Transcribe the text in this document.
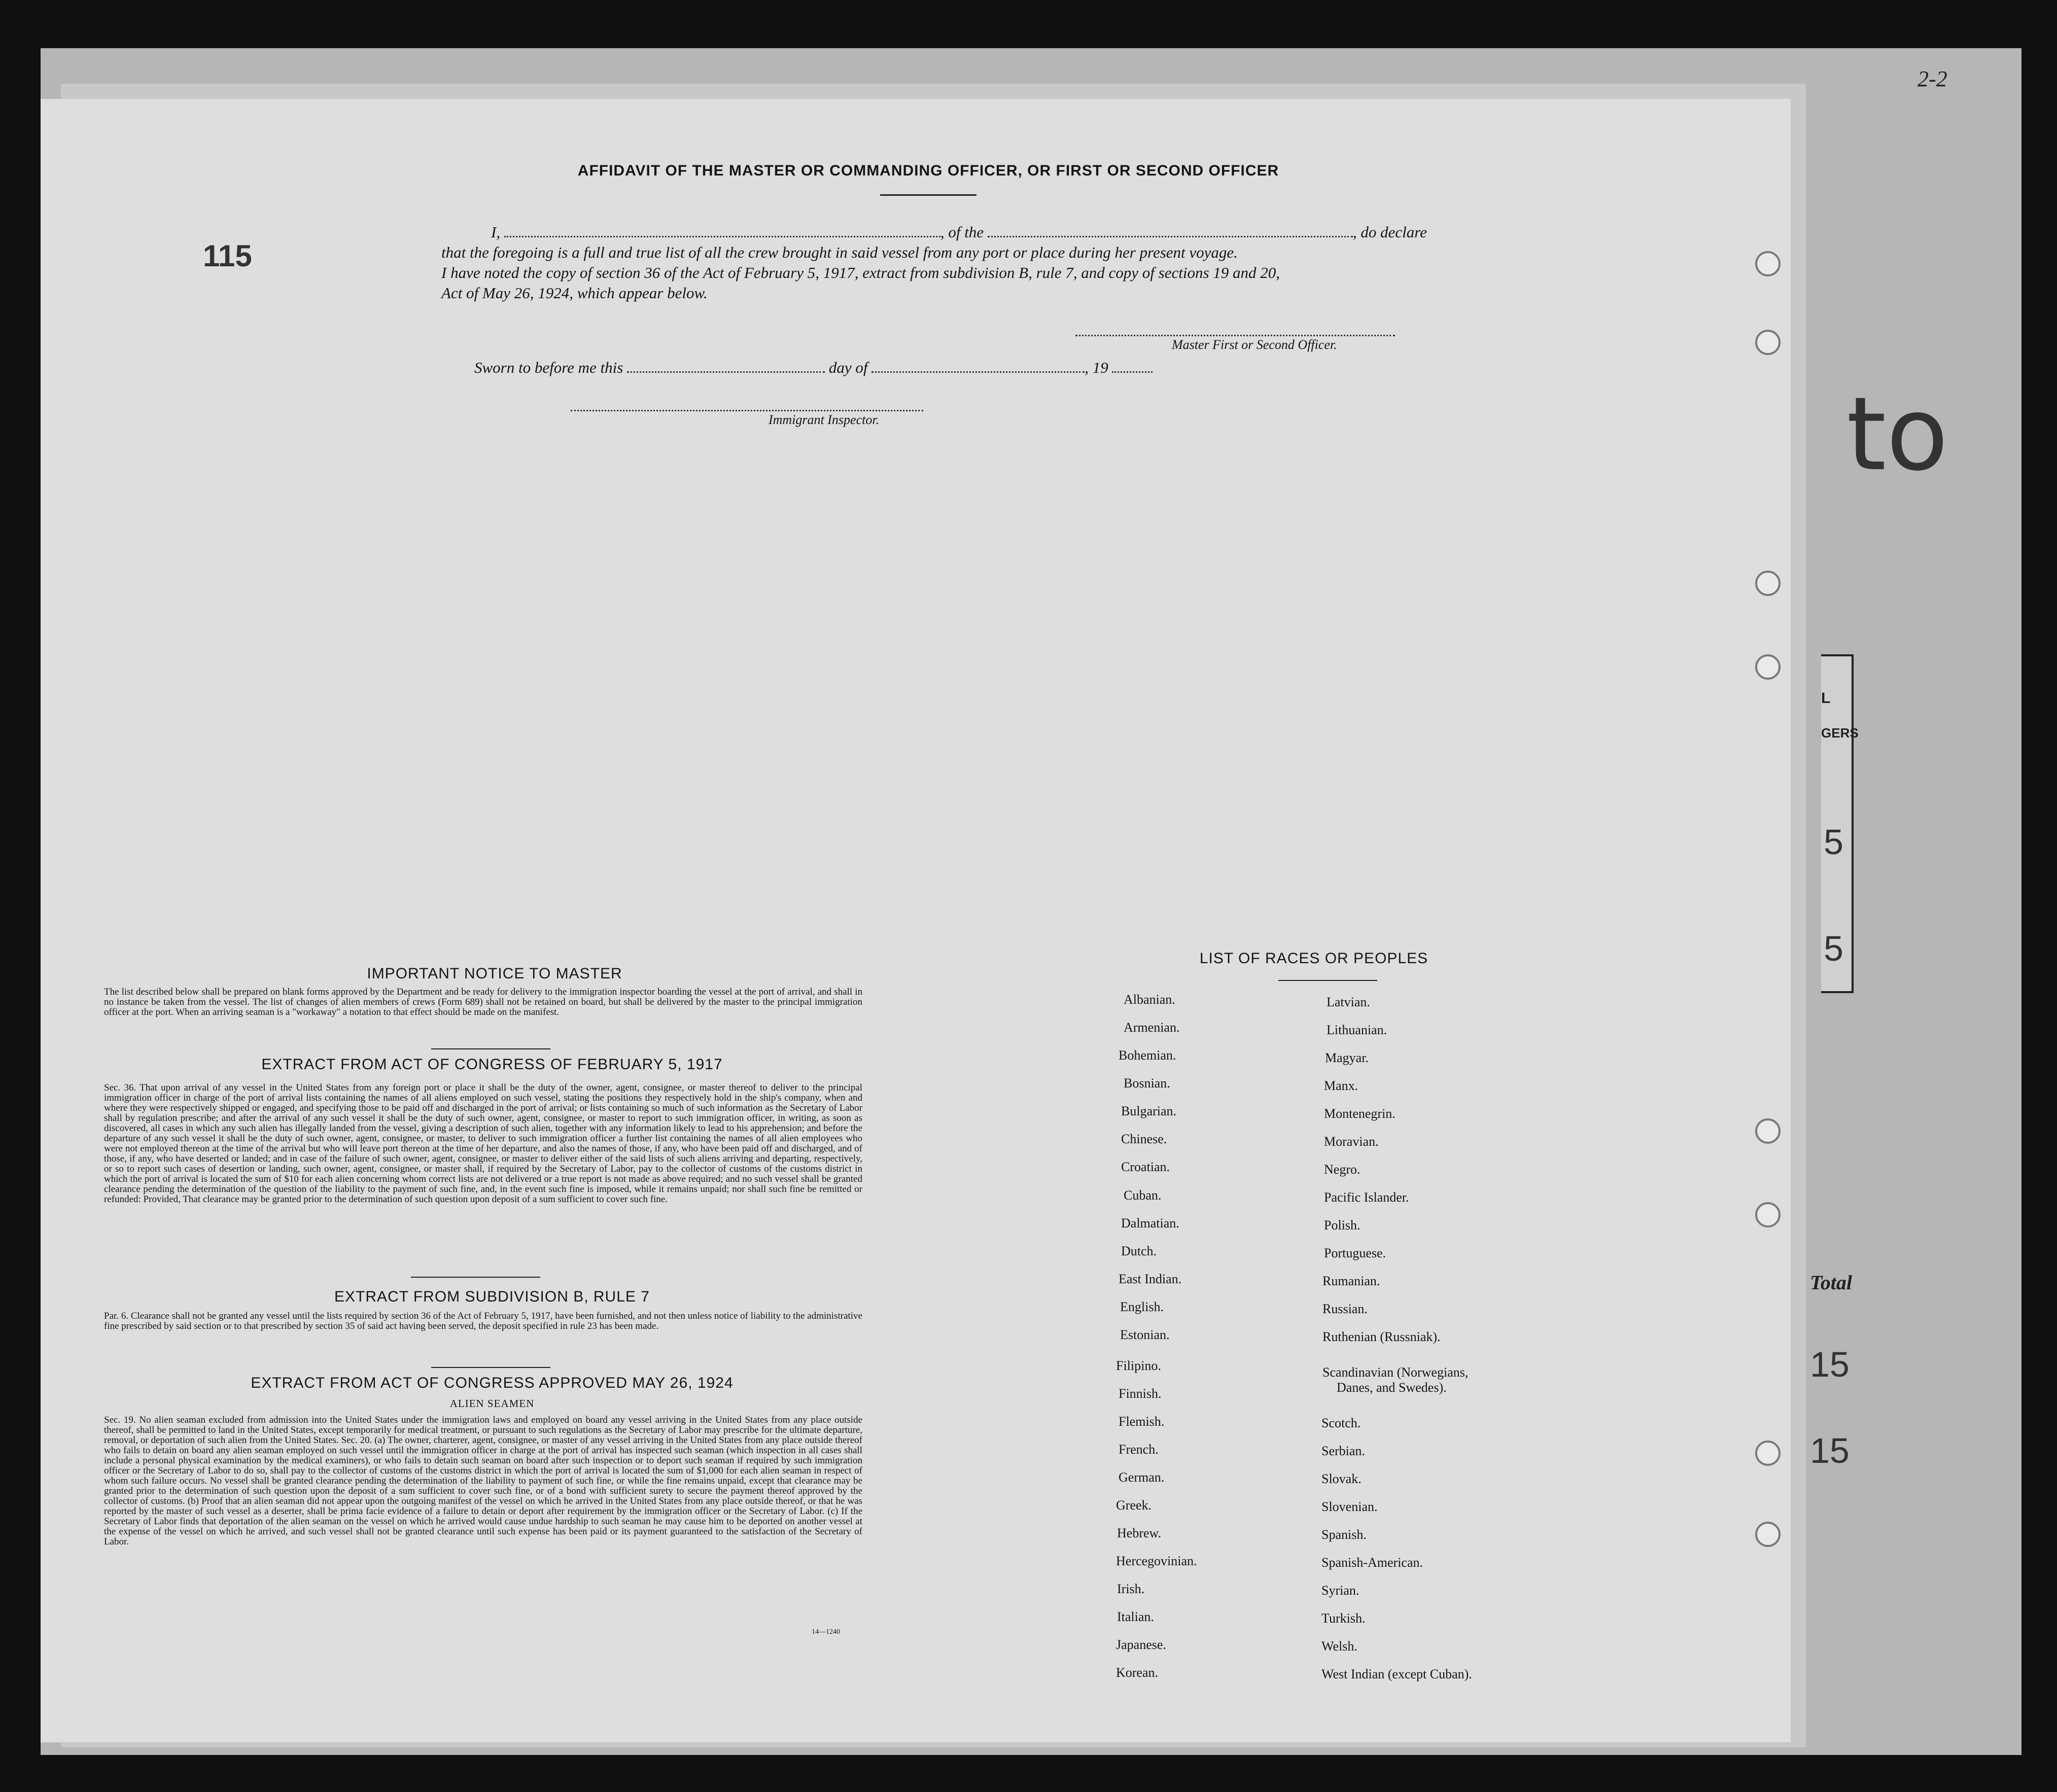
2-2
L
GERS
5
5
Total
15
15
to
115
AFFIDAVIT OF THE MASTER OR COMMANDING OFFICER, OR FIRST OR SECOND OFFICER
I,	, of the	, do declare
that the foregoing is a full and true list of all the crew brought in said vessel from any port or place during her present voyage.
I have noted the copy of section 36 of the Act of February 5, 1917, extract from subdivision B, rule 7, and copy of sections 19 and 20,
Act of May 26, 1924, which appear below.
Master First or Second Officer.
Sworn to before me this	day of	, 19
Immigrant Inspector.
IMPORTANT NOTICE TO MASTER
The list described below shall be prepared on blank forms approved by the Department and be ready for delivery to the immigration inspector boarding the vessel at the port of arrival, and shall in no instance be taken from the vessel. The list of changes of alien members of crews (Form 689) shall not be retained on board, but shall be delivered by the master to the principal immigration officer at the port. When an arriving seaman is a "workaway" a notation to that effect should be made on the manifest.
EXTRACT FROM ACT OF CONGRESS OF FEBRUARY 5, 1917
Sec. 36. That upon arrival of any vessel in the United States from any foreign port or place it shall be the duty of the owner, agent, consignee, or master thereof to deliver to the principal immigration officer in charge of the port of arrival lists containing the names of all aliens employed on such vessel, stating the positions they respectively hold in the ship's company, when and where they were respectively shipped or engaged, and specifying those to be paid off and discharged in the port of arrival; or lists containing so much of such information as the Secretary of Labor shall by regulation prescribe; and after the arrival of any such vessel it shall be the duty of such owner, agent, consignee, or master to report to such immigration officer, in writing, as soon as discovered, all cases in which any such alien has illegally landed from the vessel, giving a description of such alien, together with any information likely to lead to his apprehension; and before the departure of any such vessel it shall be the duty of such owner, agent, consignee, or master, to deliver to such immigration officer a further list containing the names of all alien employees who were not employed thereon at the time of the arrival but who will leave port thereon at the time of her departure, and also the names of those, if any, who have been paid off and discharged, and of those, if any, who have deserted or landed; and in case of the failure of such owner, agent, consignee, or master to deliver either of the said lists of such aliens arriving and departing, respectively, or so to report such cases of desertion or landing, such owner, agent, consignee, or master shall, if required by the Secretary of Labor, pay to the collector of customs of the customs district in which the port of arrival is located the sum of $10 for each alien concerning whom correct lists are not delivered or a true report is not made as above required; and no such vessel shall be granted clearance pending the determination of the question of the liability to the payment of such fine, and, in the event such fine is imposed, while it remains unpaid; nor shall such fine be remitted or refunded: Provided, That clearance may be granted prior to the determination of such question upon deposit of a sum sufficient to cover such fine.
EXTRACT FROM SUBDIVISION B, RULE 7
Par. 6. Clearance shall not be granted any vessel until the lists required by section 36 of the Act of February 5, 1917, have been furnished, and not then unless notice of liability to the administrative fine prescribed by said section or to that prescribed by section 35 of said act having been served, the deposit specified in rule 23 has been made.
EXTRACT FROM ACT OF CONGRESS APPROVED MAY 26, 1924
ALIEN SEAMEN
Sec. 19. No alien seaman excluded from admission into the United States under the immigration laws and employed on board any vessel arriving in the United States from any place outside thereof, shall be permitted to land in the United States, except temporarily for medical treatment, or pursuant to such regulations as the Secretary of Labor may prescribe for the ultimate departure, removal, or deportation of such alien from the United States. Sec. 20. (a) The owner, charterer, agent, consignee, or master of any vessel arriving in the United States from any place outside thereof who fails to detain on board any alien seaman employed on such vessel until the immigration officer in charge at the port of arrival has inspected such seaman (which inspection in all cases shall include a personal physical examination by the medical examiners), or who fails to detain such seaman on board after such inspection or to deport such seaman if required by such immigration officer or the Secretary of Labor to do so, shall pay to the collector of customs of the customs district in which the port of arrival is located the sum of $1,000 for each alien seaman in respect of whom such failure occurs. No vessel shall be granted clearance pending the determination of the liability to payment of such fine, or while the fine remains unpaid, except that clearance may be granted prior to the determination of such question upon the deposit of a sum sufficient to cover such fine, or of a bond with sufficient surety to secure the payment thereof approved by the collector of customs. (b) Proof that an alien seaman did not appear upon the outgoing manifest of the vessel on which he arrived in the United States from any place outside thereof, or that he was reported by the master of such vessel as a deserter, shall be prima facie evidence of a failure to detain or deport after requirement by the immigration officer or the Secretary of Labor. (c) If the Secretary of Labor finds that deportation of the alien seaman on the vessel on which he arrived would cause undue hardship to such seaman he may cause him to be deported on another vessel at the expense of the vessel on which he arrived, and such vessel shall not be granted clearance until such expense has been paid or its payment guaranteed to the satisfaction of the Secretary of Labor.
14—1240
LIST OF RACES OR PEOPLES
Albanian.
Armenian.
Bohemian.
Bosnian.
Bulgarian.
Chinese.
Croatian.
Cuban.
Dalmatian.
Dutch.
East Indian.
English.
Estonian.
Filipino.
Finnish.
Flemish.
French.
German.
Greek.
Hebrew.
Hercegovinian.
Irish.
Italian.
Japanese.
Korean.
Latvian.
Lithuanian.
Magyar.
Manx.
Montenegrin.
Moravian.
Negro.
Pacific Islander.
Polish.
Portuguese.
Rumanian.
Russian.
Ruthenian (Russniak).
Scandinavian (Norwegians,
Danes, and Swedes).
Scotch.
Serbian.
Slovak.
Slovenian.
Spanish.
Spanish-American.
Syrian.
Turkish.
Welsh.
West Indian (except Cuban).
